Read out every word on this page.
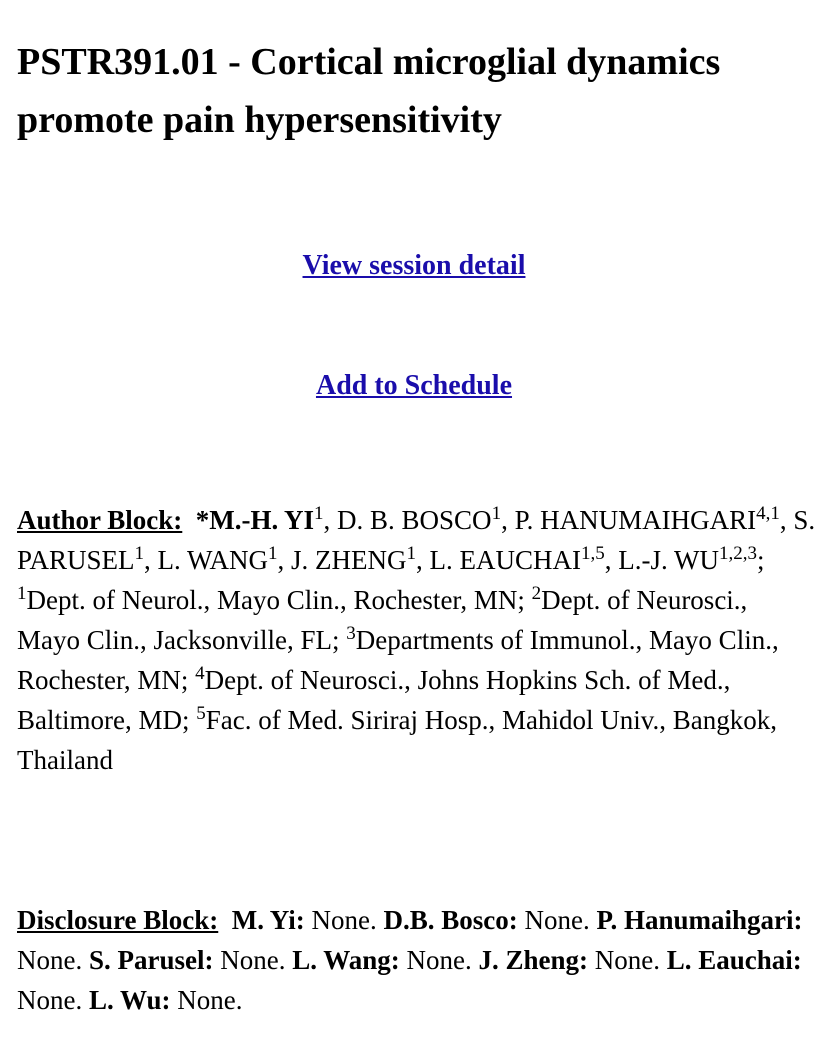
PSTR391.01 - Cortical microglial dynamics promote pain hypersensitivity
View session detail
Add to Schedule

Author Block: *M.-H. $YI^1$, D. B. BOSCO$^1$, P. HANUMAIHGARI$^{4,1}$, S. PARUSEL$^1$, L. WANG$^1$, J. ZHENG$^1$, L. EAUCHAI$^{1,5}$, L.-J. WU$^{1,2,3}$; $^1$Dept. of Neurol., Mayo Clin., Rochester, MN; $^2$Dept. of Neurosci., Mayo Clin., Jacksonville, FL; $^3$Departments of Immunol., Mayo Clin., Rochester, MN; $^4$Dept. of Neurosci., Johns Hopkins Sch. of Med., Baltimore, MD; $^5$Fac. of Med. Siriraj Hosp., Mahidol Univ., Bangkok, Thailand

Disclosure Block: M. Yi: None. D.B. Bosco: None. P. Hanumaihgari: None. S. Parusel: None. L. Wang: None. J. Zheng: None. L. Eauchai: None. L. Wu: None.
